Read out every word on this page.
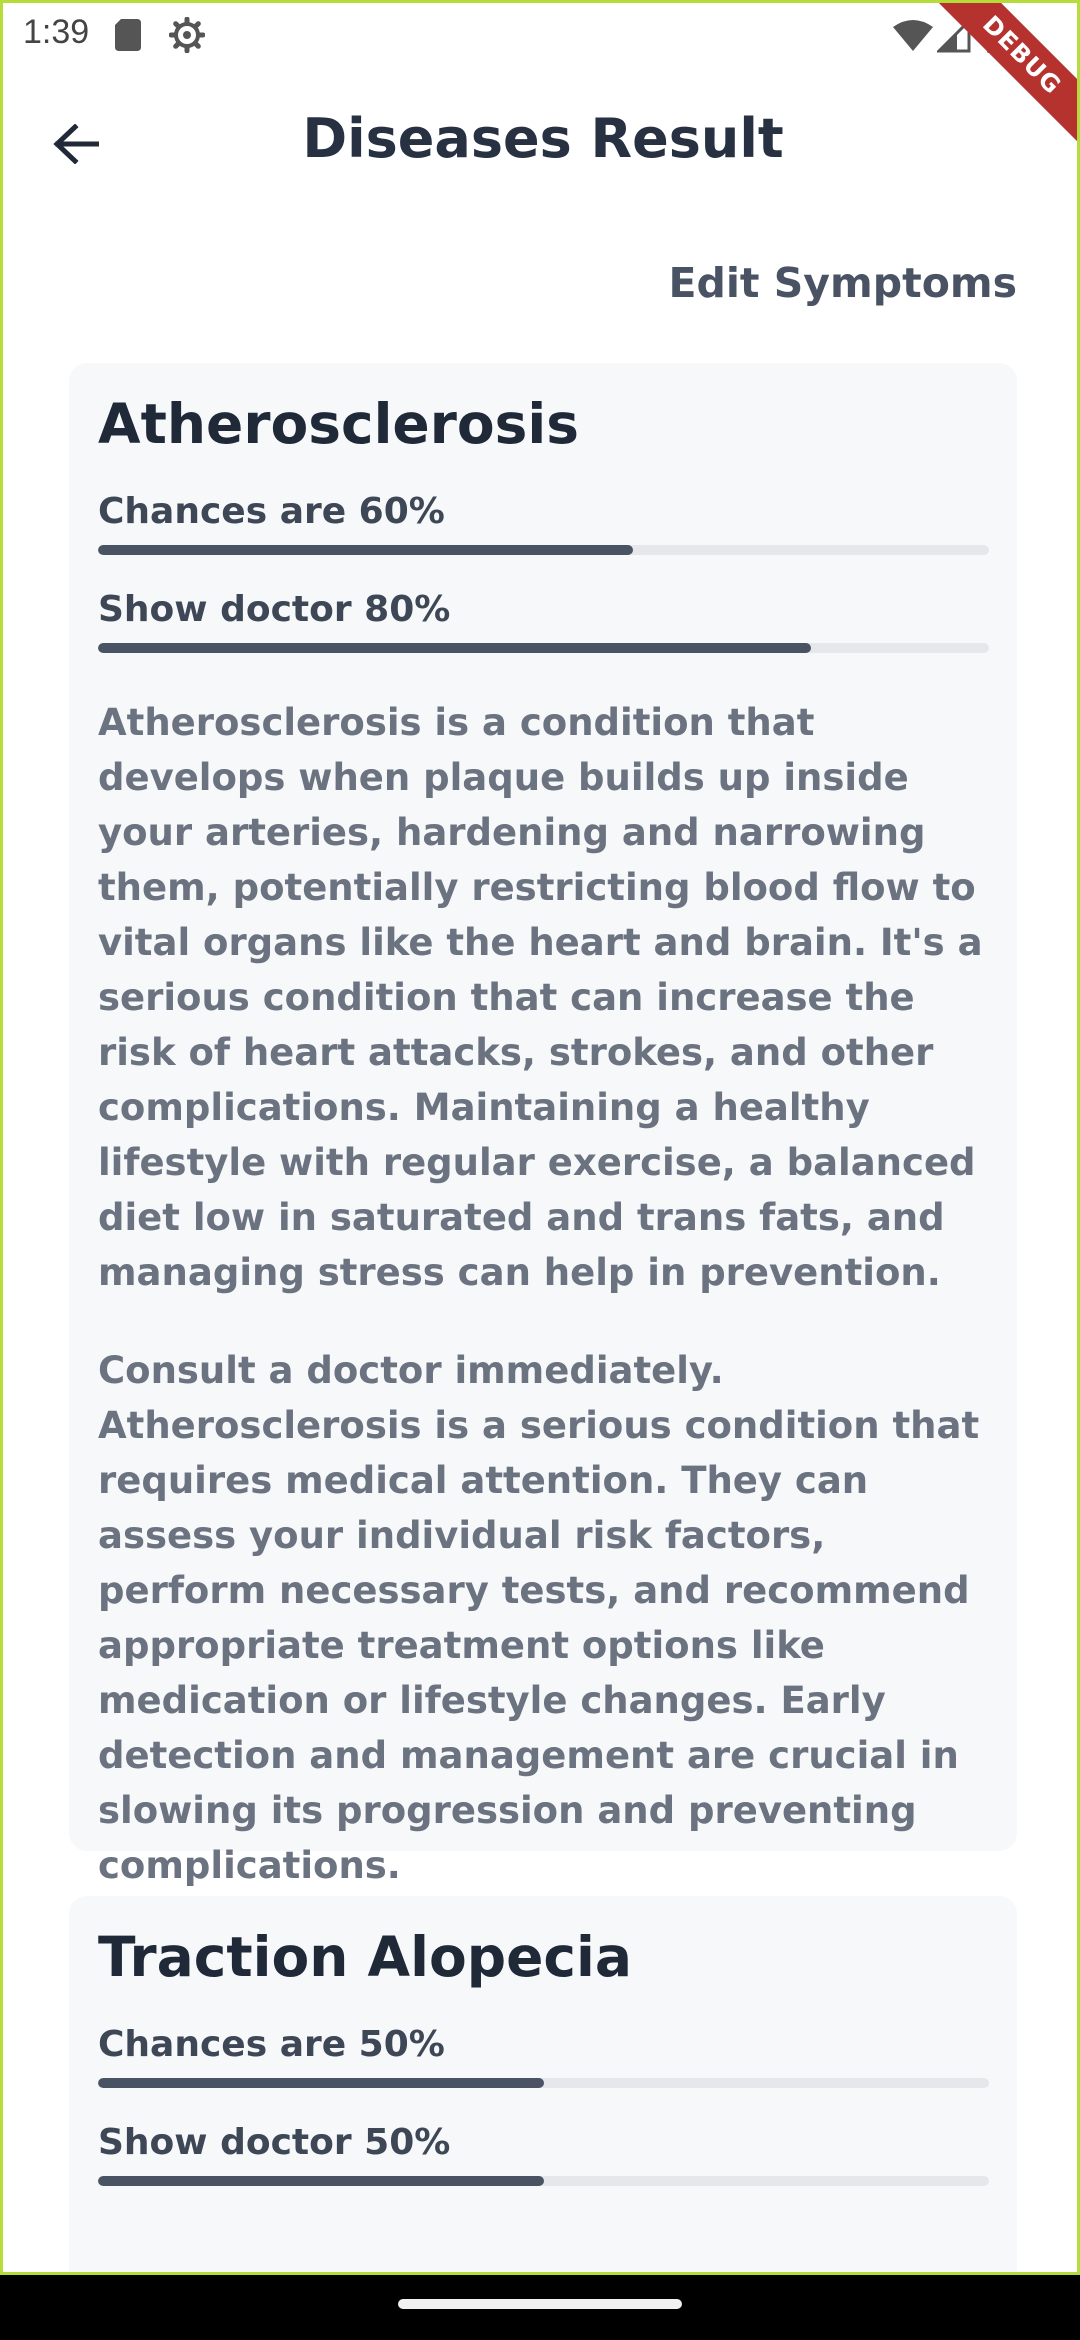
1:39	DEBUG
Diseases Result
Edit Symptoms
Atherosclerosis
Chances are 60%
Show doctor 80%

Atherosclerosis is a condition that develops when plaque builds up inside your arteries, hardening and narrowing them, potentially restricting blood flow to vital organs like the heart and brain. It's a serious condition that can increase the risk of heart attacks, strokes, and other complications. Maintaining a healthy lifestyle with regular exercise, a balanced diet low in saturated and trans fats, and managing stress can help in prevention.

Consult a doctor immediately. Atherosclerosis is a serious condition that requires medical attention. They can assess your individual risk factors, perform necessary tests, and recommend appropriate treatment options like medication or lifestyle changes. Early detection and management are crucial in slowing its progression and preventing complications.

Traction Alopecia
Chances are 50%
Show doctor 50%
